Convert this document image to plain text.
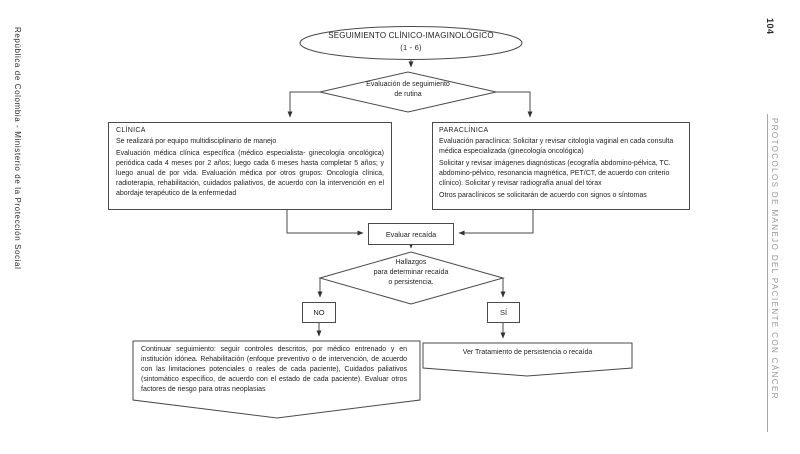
República de Colombia - Ministerio de la Protección Social
104
PROTOCOLOS DE MANEJO DEL PACIENTE CON CÁNCER
SEGUIMIENTO CLÍNICO-IMAGINOLÓGICO
(1 - 6)
Evaluación de seguimiento
de rutina
CLÍNICA
Se realizará por equipo multidisciplinario de manejo
Evaluación médica clínica específica (médico especialista- ginecología oncológica) periódica cada 4 meses por 2 años; luego cada 6 meses hasta completar 5 años; y luego anual de por vida. Evaluación médica por otros grupos: Oncología clínica, radioterapia, rehabilitación, cuidados paliativos, de acuerdo con la intervención en el abordaje terapéutico de la enfermedad
PARACLÍNICA
Evaluación paraclínica: Solicitar y revisar citología vaginal en cada consulta médica especializada (ginecología oncológica)
Solicitar y revisar imágenes diagnósticas (ecografía abdomino-pélvica, TC. abdomino-pélvico, resonancia magnética, PET/CT, de acuerdo con criterio clínico). Solicitar y revisar radiografía anual del tórax
Otros paraclínicos se solicitarán de acuerdo con signos o síntomas
Evaluar recaída
Hallazgos
para determinar recaída
o persistencia.
NO	SÍ
Continuar seguimiento: seguir controles descritos, por médico entrenado y en institución idónea. Rehabilitación (enfoque preventivo o de intervención, de acuerdo con las limitaciones potenciales o reales de cada paciente), Cuidados paliativos (sintomático específico, de acuerdo con el estado de cada paciente). Evaluar otros factores de riesgo para otras neoplasias
Ver Tratamiento de persistencia o recaída
